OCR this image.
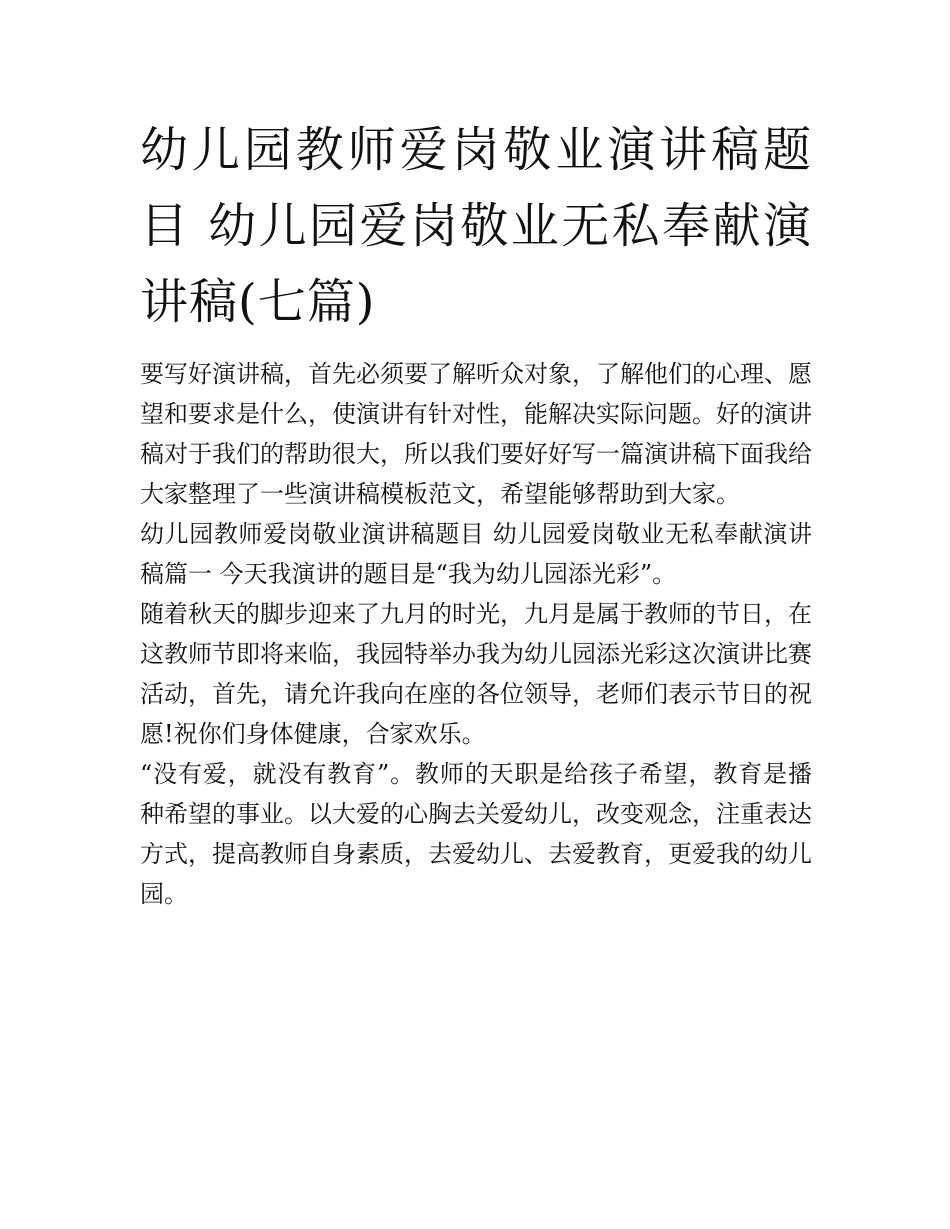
幼儿园教师爱岗敬业演讲稿题目 幼儿园爱岗敬业无私奉献演讲稿(七篇)

要写好演讲稿，首先必须要了解听众对象，了解他们的心理、愿望和要求是什么，使演讲有针对性，能解决实际问题。好的演讲稿对于我们的帮助很大，所以我们要好好写一篇演讲稿下面我给大家整理了一些演讲稿模板范文，希望能够帮助到大家。

幼儿园教师爱岗敬业演讲稿题目 幼儿园爱岗敬业无私奉献演讲稿篇一 今天我演讲的题目是“我为幼儿园添光彩”。

随着秋天的脚步迎来了九月的时光，九月是属于教师的节日，在这教师节即将来临，我园特举办我为幼儿园添光彩这次演讲比赛活动，首先，请允许我向在座的各位领导，老师们表示节日的祝愿!祝你们身体健康，合家欢乐。

“没有爱，就没有教育”。教师的天职是给孩子希望，教育是播种希望的事业。以大爱的心胸去关爱幼儿，改变观念，注重表达方式，提高教师自身素质，去爱幼儿、去爱教育，更爱我的幼儿园。
